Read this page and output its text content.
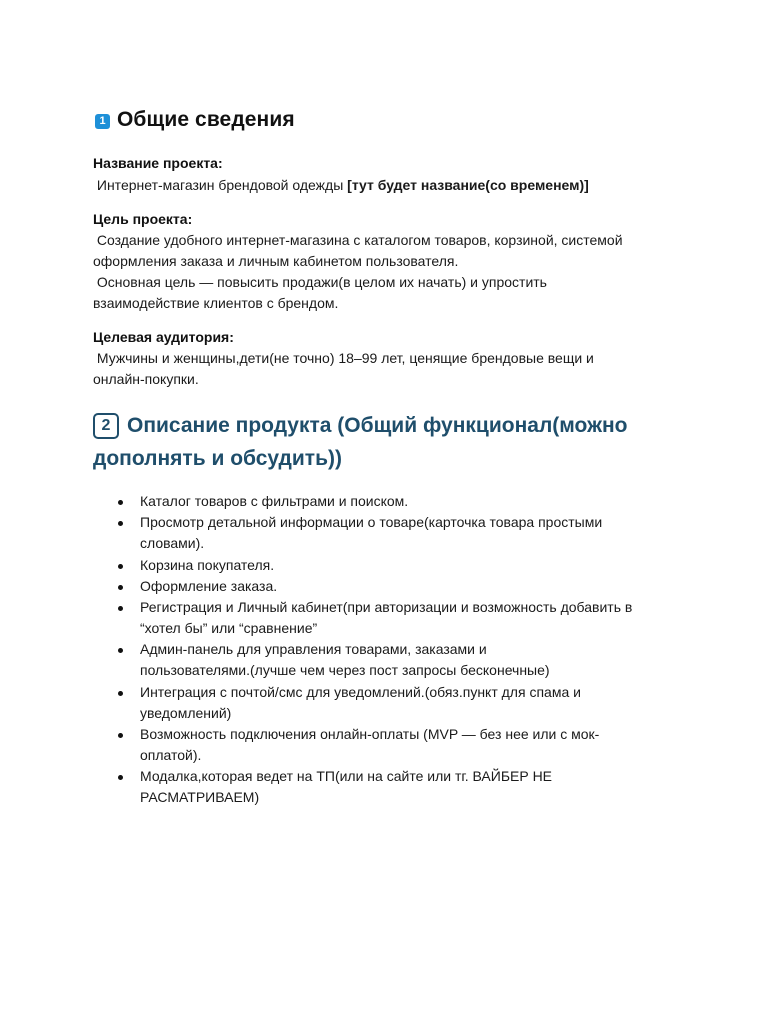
1 Общие сведения
Название проекта:
Интернет-магазин брендовой одежды [тут будет название(со временем)]
Цель проекта:
Создание удобного интернет-магазина с каталогом товаров, корзиной, системой
оформления заказа и личным кабинетом пользователя.
Основная цель — повысить продажи(в целом их начать) и упростить
взаимодействие клиентов с брендом.
Целевая аудитория:
Мужчины и женщины,дети(не точно) 18–99 лет, ценящие брендовые вещи и
онлайн-покупки.
2 Описание продукта (Общий функционал(можно дополнять и обсудить))
Каталог товаров с фильтрами и поиском.
Просмотр детальной информации о товаре(карточка товара простыми
словами).
Корзина покупателя.
Оформление заказа.
Регистрация и Личный кабинет(при авторизации и возможность добавить в
“хотел бы” или “сравнение”
Админ-панель для управления товарами, заказами и
пользователями.(лучше чем через пост запросы бесконечные)
Интеграция с почтой/смс для уведомлений.(обяз.пункт для спама и
уведомлений)
Возможность подключения онлайн-оплаты (MVP — без нее или с мок-
оплатой).
Модалка,которая ведет на ТП(или на сайте или тг. ВАЙБЕР НЕ
РАСМАТРИВАЕМ)
